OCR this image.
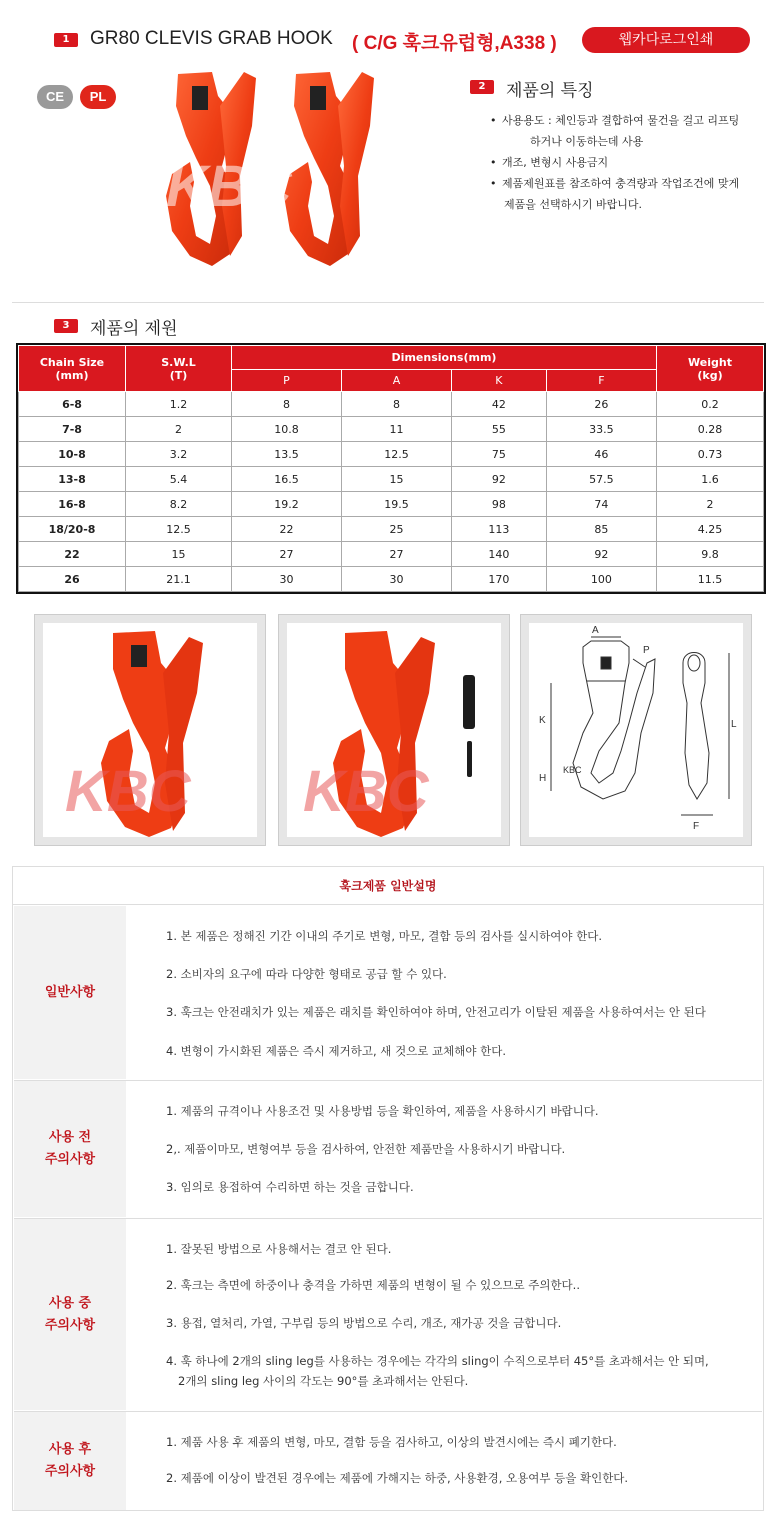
1	GR80 CLEVIS GRAB HOOK ( C/G 훅크유럽형,A338 )	웹카다로그인쇄
CE	PL
KBC
2	제품의 특징
• 사용용도 : 체인등과 결합하여 물건을 걸고 리프팅
하거나 이동하는데 사용
• 개조, 변형시 사용금지
• 제품제원표를 참조하여 충격량과 작업조건에 맞게
제품을 선택하시기 바랍니다.
3	제품의 제원
Chain Size
(mm)	S.W.L
(T)	Dimensions(mm)				Weight
(kg)
		P	A	K	F	
6-8	1.2	8	8	42	26	0.2
7-8	2	10.8	11	55	33.5	0.28
10-8	3.2	13.5	12.5	75	46	0.73
13-8	5.4	16.5	15	92	57.5	1.6
16-8	8.2	19.2	19.5	98	74	2
18/20-8	12.5	22	25	113	85	4.25
22	15	27	27	140	92	9.8
26	21.1	30	30	170	100	11.5
KBC KBC
A
P
K
H
KBC
L
F
훅크제품 일반설명
일반사항

1. 본 제품은 정해진 기간 이내의 주기로 변형, 마모, 결함 등의 검사를 실시하여야 한다.

2. 소비자의 요구에 따라 다양한 형태로 공급 할 수 있다.

3. 훅크는 안전래치가 있는 제품은 래치를 확인하여야 하며, 안전고리가 이탈된 제품을 사용하여서는 안 된다

4. 변형이 가시화된 제품은 즉시 제거하고, 새 것으로 교체해야 한다.

사용 전
주의사항

1. 제품의 규격이나 사용조건 및 사용방법 등을 확인하여, 제품을 사용하시기 바랍니다.

2,. 제품이마모, 변형여부 등을 검사하여, 안전한 제품만을 사용하시기 바랍니다.

3. 임의로 용접하여 수리하면 하는 것을 금합니다.

사용 중
주의사항

1. 잘못된 방법으로 사용해서는 결코 안 된다.

2. 훅크는 측면에 하중이나 충격을 가하면 제품의 변형이 될 수 있으므로 주의한다..

3. 용접, 열처리, 가열, 구부림 등의 방법으로 수리, 개조, 재가공 것을 금합니다.

4. 훅 하나에 2개의 sling leg를 사용하는 경우에는 각각의 sling이 수직으로부터 45°를 초과해서는 안 되며,

2개의 sling leg 사이의 각도는 90°를 초과해서는 안된다.

사용 후
주의사항

1. 제품 사용 후 제품의 변형, 마모, 결함 등을 검사하고, 이상의 발견시에는 즉시 폐기한다.

2. 제품에 이상이 발견된 경우에는 제품에 가해지는 하중, 사용환경, 오용여부 등을 확인한다.
